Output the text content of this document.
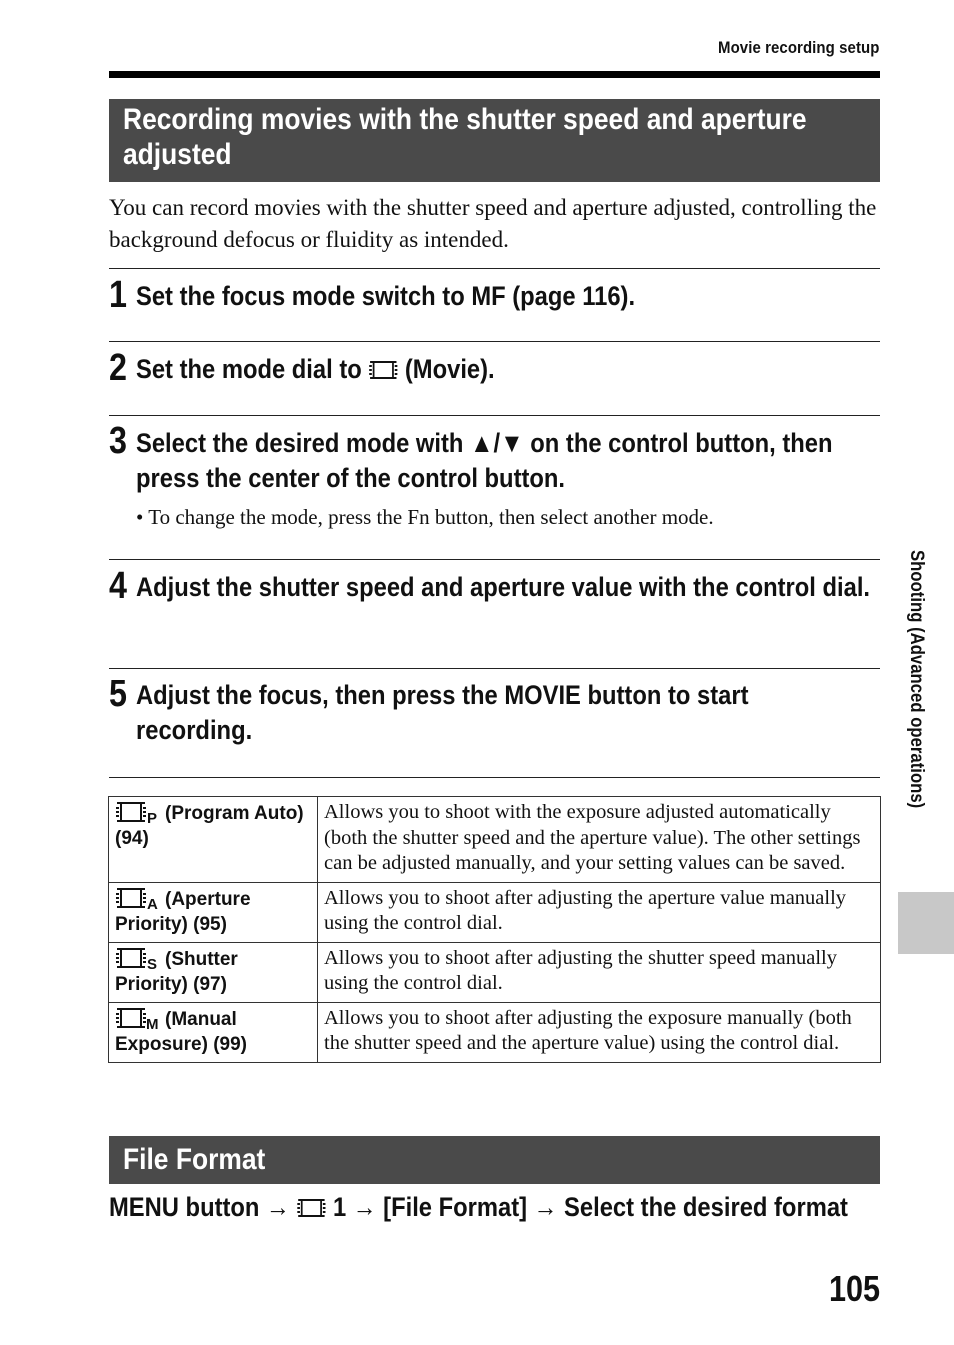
Movie recording setup
Recording movies with the shutter speed and aperture adjusted
You can record movies with the shutter speed and aperture adjusted, controlling the background defocus or fluidity as intended.
1 Set the focus mode switch to MF (page 116).
2 Set the mode dial to (Movie).
3 Select the desired mode with ▲/▼ on the control button, then press the center of the control button.
• To change the mode, press the Fn button, then select another mode.
4 Adjust the shutter speed and aperture value with the control dial.
5 Adjust the focus, then press the MOVIE button to start recording.
P (Program Auto) (94)	Allows you to shoot with the exposure adjusted automatically (both the shutter speed and the aperture value). The other settings can be adjusted manually, and your setting values can be saved.

A (Aperture Priority) (95)	Allows you to shoot after adjusting the aperture value manually using the control dial.

S (Shutter Priority) (97)	Allows you to shoot after adjusting the shutter speed manually using the control dial.

M (Manual Exposure) (99)	Allows you to shoot after adjusting the exposure manually (both the shutter speed and the aperture value) using the control dial.
File Format
MENU button → 1 → [File Format] → Select the desired format
Shooting (Advanced operations)
105
